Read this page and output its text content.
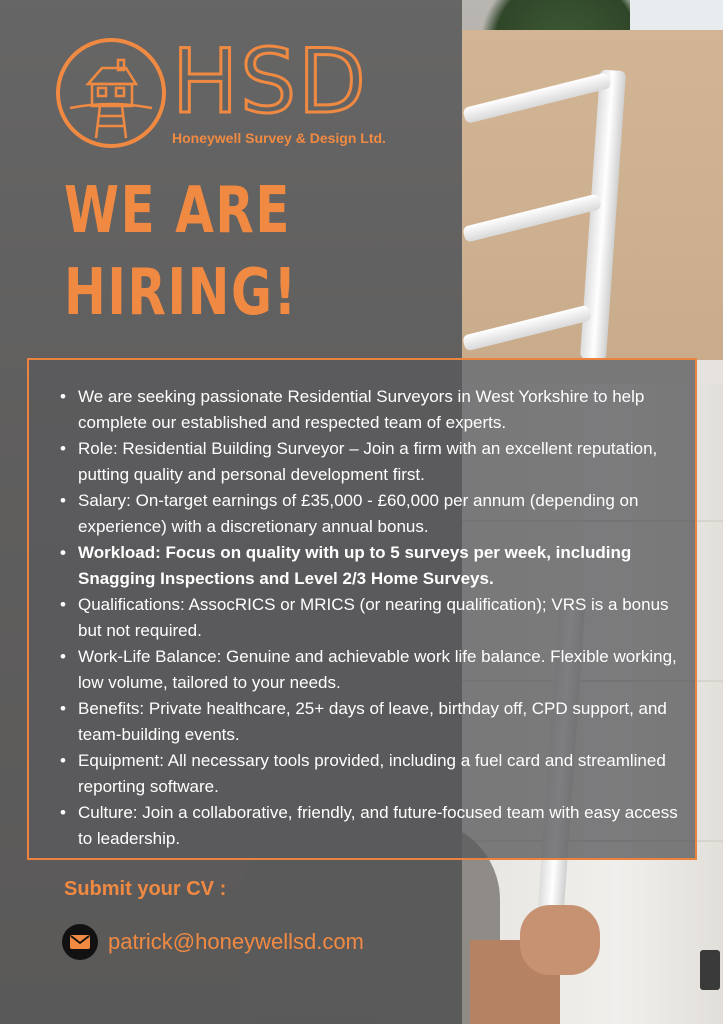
HSD
Honeywell Survey & Design Ltd.
WE ARE
HIRING!
• We are seeking passionate Residential Surveyors in West Yorkshire to help complete our established and respected team of experts.
• Role: Residential Building Surveyor – Join a firm with an excellent reputation, putting quality and personal development first.
• Salary: On-target earnings of £35,000 - £60,000 per annum (depending on experience) with a discretionary annual bonus.
• Workload: Focus on quality with up to 5 surveys per week, including Snagging Inspections and Level 2/3 Home Surveys.
• Qualifications: AssocRICS or MRICS (or nearing qualification); VRS is a bonus but not required.
• Work-Life Balance: Genuine and achievable work life balance. Flexible working, low volume, tailored to your needs.
• Benefits: Private healthcare, 25+ days of leave, birthday off, CPD support, and team-building events.
• Equipment: All necessary tools provided, including a fuel card and streamlined reporting software.
• Culture: Join a collaborative, friendly, and future-focused team with easy access to leadership.
Submit your CV :
patrick@honeywellsd.com
